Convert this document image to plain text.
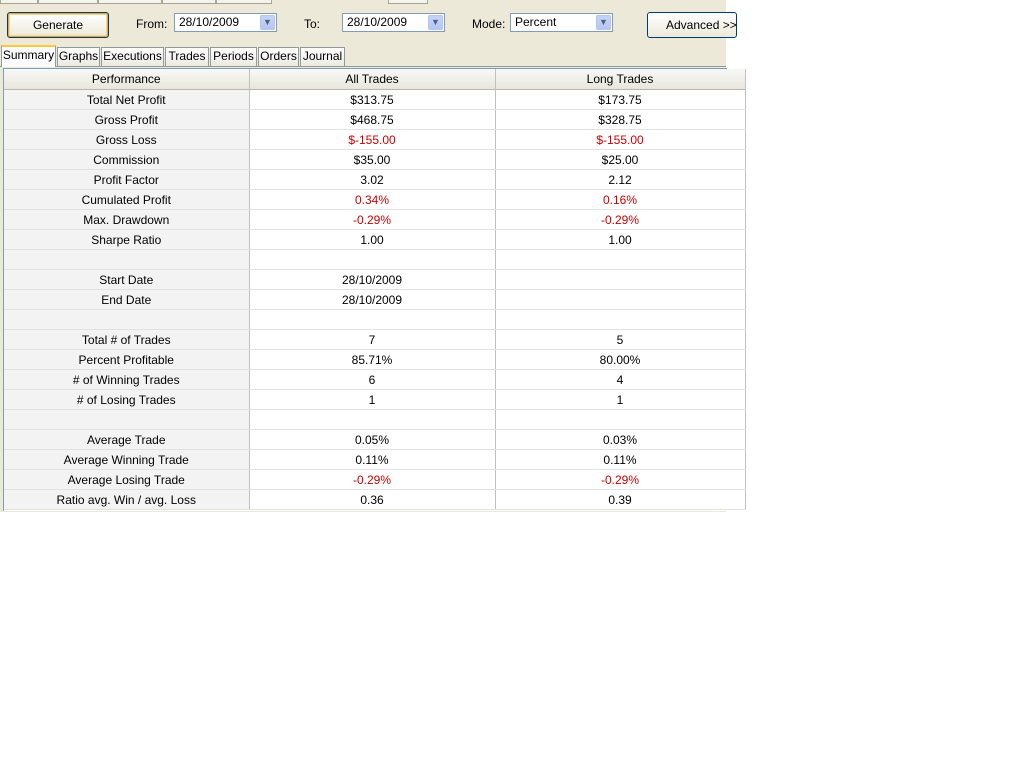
Generate	From: 28/10/2009	▼	To:	28/10/2009	▼	Mode: Percent	▼	Advanced >>
Summary Graphs Executions Trades Periods Orders Journal
Performance	All Trades	Long Trades
Total Net Profit	$313.75	$173.75
Gross Profit	$468.75	$328.75
Gross Loss	$-155.00	$-155.00
Commission	$35.00	$25.00
Profit Factor	3.02	2.12
Cumulated Profit	0.34%	0.16%
Max. Drawdown	-0.29%	-0.29%
Sharpe Ratio	1.00	1.00

Start Date	28/10/2009	
End Date	28/10/2009	

Total # of Trades	7	5
Percent Profitable	85.71%	80.00%
# of Winning Trades	6	4
# of Losing Trades	1	1

Average Trade	0.05%	0.03%
Average Winning Trade	0.11%	0.11%
Average Losing Trade	-0.29%	-0.29%
Ratio avg. Win / avg. Loss	0.36	0.39
